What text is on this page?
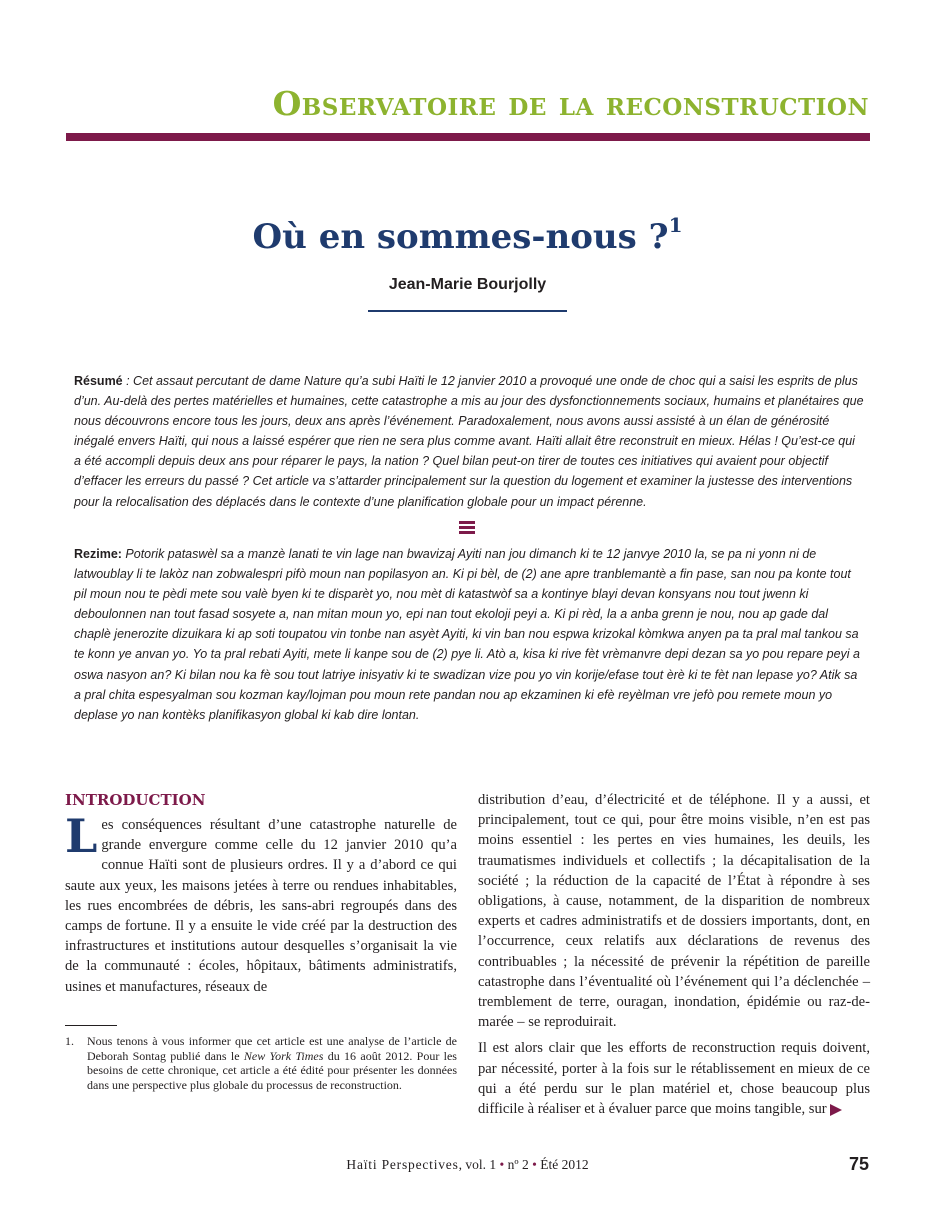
Observatoire de la reconstruction
Où en sommes-nous ?$^1$
Jean-Marie Bourjolly
Résumé : Cet assaut percutant de dame Nature qu’a subi Haïti le 12 janvier 2010 a provoqué une onde de choc qui a saisi les esprits de plus d’un. Au-delà des pertes matérielles et humaines, cette catastrophe a mis au jour des dysfonctionnements sociaux, humains et planétaires que nous découvrons encore tous les jours, deux ans après l’événement. Paradoxalement, nous avons aussi assisté à un élan de générosité inégalé envers Haïti, qui nous a laissé espérer que rien ne sera plus comme avant. Haïti allait être reconstruit en mieux. Hélas ! Qu’est-ce qui a été accompli depuis deux ans pour réparer le pays, la nation ? Quel bilan peut-on tirer de toutes ces initiatives qui avaient pour objectif d’effacer les erreurs du passé ? Cet article va s’attarder principalement sur la question du logement et examiner la justesse des interventions pour la relocalisation des déplacés dans le contexte d’une planification globale pour un impact pérenne.
Rezime: Potorik pataswèl sa a manzè lanati te vin lage nan bwavizaj Ayiti nan jou dimanch ki te 12 janvye 2010 la, se pa ni yonn ni de latwoublay li te lakòz nan zobwalespri pifò moun nan popilasyon an. Ki pi bèl, de (2) ane apre tranblemantè a fin pase, san nou pa konte tout pil moun nou te pèdi mete sou valè byen ki te disparèt yo, nou mèt di katastwòf sa a kontinye blayi devan konsyans nou tout jwenn ki deboulonnen nan tout fasad sosyete a, nan mitan moun yo, epi nan tout ekoloji peyi a. Ki pi rèd, la a anba grenn je nou, nou ap gade dal chaplè jenerozite dizuikara ki ap soti toupatou vin tonbe nan asyèt Ayiti, ki vin ban nou espwa krizokal kòmkwa anyen pa ta pral mal tankou sa te konn ye anvan yo. Yo ta pral rebati Ayiti, mete li kanpe sou de (2) pye li. Atò a, kisa ki rive fèt vrèmanvre depi dezan sa yo pou repare peyi a oswa nasyon an? Ki bilan nou ka fè sou tout latriye inisyativ ki te swadizan vize pou yo vin korije/efase tout èrè ki te fèt nan lepase yo? Atik sa a pral chita espesyalman sou kozman kay/lojman pou moun rete pandan nou ap ekzaminen ki efè reyèlman vre jefò pou remete moun yo deplase yo nan kontèks planifikasyon global ki kab dire lontan.
INTRODUCTION

Les conséquences résultant d’une catastrophe naturelle de grande envergure comme celle du 12 janvier 2010 qu’a connue Haïti sont de plusieurs ordres. Il y a d’abord ce qui saute aux yeux, les maisons jetées à terre ou rendues inhabitables, les rues encombrées de débris, les sans-abri regroupés dans des camps de fortune. Il y a ensuite le vide créé par la destruction des infrastructures et institutions autour desquelles s’organisait la vie de la communauté : écoles, hôpitaux, bâtiments administratifs, usines et manufactures, réseaux de

1. Nous tenons à vous informer que cet article est une analyse de l’article de Deborah Sontag publié dans le New York Times du 16 août 2012. Pour les besoins de cette chronique, cet article a été édité pour présenter les données dans une perspective plus globale du processus de reconstruction.

distribution d’eau, d’électricité et de téléphone. Il y a aussi, et principalement, tout ce qui, pour être moins visible, n’en est pas moins essentiel : les pertes en vies humaines, les deuils, les traumatismes individuels et collectifs ; la décapitalisation de la société ; la réduction de la capacité de l’État à répondre à ses obligations, à cause, notamment, de la disparition de nombreux experts et cadres administratifs et de dossiers importants, dont, en l’occurrence, ceux relatifs aux déclarations de revenus des contribuables ; la nécessité de prévenir la répétition de pareille catastrophe dans l’éventualité où l’événement qui l’a déclenchée – tremblement de terre, ouragan, inondation, épidémie ou raz-de-marée – se reproduirait.

Il est alors clair que les efforts de reconstruction requis doivent, par nécessité, porter à la fois sur le rétablissement en mieux de ce qui a été perdu sur le plan matériel et, chose beaucoup plus difficile à réaliser et à évaluer parce que moins tangible, sur

Haïti Perspectives, vol. 1 • nº 2 • Été 2012	75
